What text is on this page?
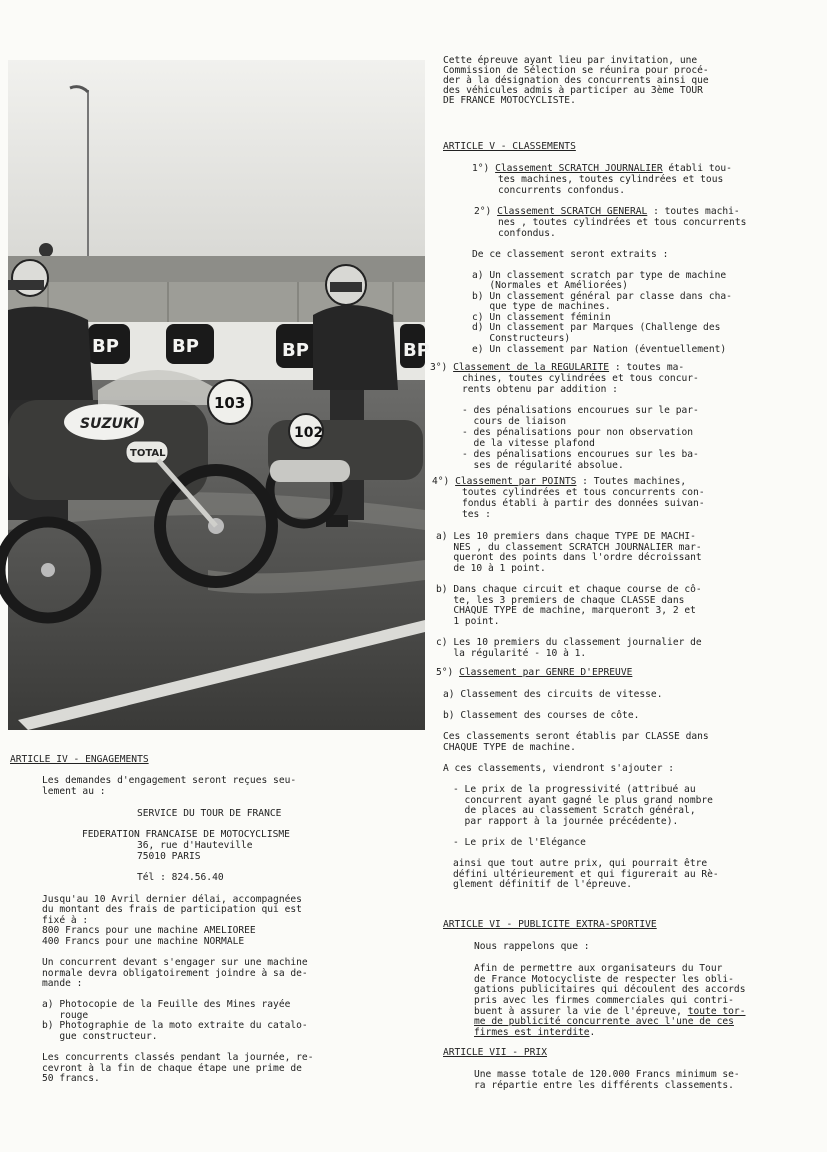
BP	BP	BP	BP
102
SUZUKI
TOTAL
103
Cette épreuve ayant lieu par invitation, une
Commission de Sélection se réunira pour procé-
der à la désignation des concurrents ainsi que
des véhicules admis à participer au 3ème TOUR
DE FRANCE MOTOCYCLISTE.
ARTICLE V - CLASSEMENTS
1°) Classement SCRATCH JOURNALIER établi tou-
tes machines, toutes cylindrées et tous
concurrents confondus.
2°) Classement SCRATCH GENERAL : toutes machi-
nes , toutes cylindrées et tous concurrents
confondus.
De ce classement seront extraits :
a) Un classement scratch par type de machine
(Normales et Améliorées)
b) Un classement général par classe dans cha-
que type de machines.
c) Un classement féminin
d) Un classement par Marques (Challenge des
Constructeurs)
e) Un classement par Nation (éventuellement)
3°) Classement de la REGULARITE : toutes ma-
chines, toutes cylindrées et tous concur-
rents obtenu par addition :
- des pénalisations encourues sur le par-
cours de liaison
- des pénalisations pour non observation
de la vitesse plafond
- des pénalisations encourues sur les ba-
ses de régularité absolue.
4°) Classement par POINTS : Toutes machines,
toutes cylindrées et tous concurrents con-
fondus établi à partir des données suivan-
tes :
a) Les 10 premiers dans chaque TYPE DE MACHI-
NES , du classement SCRATCH JOURNALIER mar-
queront des points dans l'ordre décroissant
de 10 à 1 point.
b) Dans chaque circuit et chaque course de cô-
te, les 3 premiers de chaque CLASSE dans
CHAQUE TYPE de machine, marqueront 3, 2 et
1 point.
c) Les 10 premiers du classement journalier de
la régularité - 10 à 1.
5°) Classement par GENRE D'EPREUVE
a) Classement des circuits de vitesse.
b) Classement des courses de côte.
Ces classements seront établis par CLASSE dans
CHAQUE TYPE de machine.
A ces classements, viendront s'ajouter :
- Le prix de la progressivité (attribué au
concurrent ayant gagné le plus grand nombre
de places au classement Scratch général,
par rapport à la journée précédente).
- Le prix de l'Elégance
ainsi que tout autre prix, qui pourrait être
défini ultérieurement et qui figurerait au Rè-
glement définitif de l'épreuve.
ARTICLE VI - PUBLICITE EXTRA-SPORTIVE
Nous rappelons que :
Afin de permettre aux organisateurs du Tour
de France Motocycliste de respecter les obli-
gations publicitaires qui découlent des accords
pris avec les firmes commerciales qui contri-
buent à assurer la vie de l'épreuve, toute tor-
me de publicité concurrente avec l'une de ces
firmes est interdite.
ARTICLE VII - PRIX
Une masse totale de 120.000 Francs minimum se-
ra répartie entre les différents classements.
ARTICLE IV - ENGAGEMENTS
Les demandes d'engagement seront reçues seu-
lement au :
SERVICE DU TOUR DE FRANCE
FEDERATION FRANCAISE DE MOTOCYCLISME
36, rue d'Hauteville
75010 PARIS
Tél : 824.56.40
Jusqu'au 10 Avril dernier délai, accompagnées
du montant des frais de participation qui est
fixé à :
800 Francs pour une machine AMELIOREE
400 Francs pour une machine NORMALE
Un concurrent devant s'engager sur une machine
normale devra obligatoirement joindre à sa de-
mande :
a) Photocopie de la Feuille des Mines rayée
rouge
b) Photographie de la moto extraite du catalo-
gue constructeur.
Les concurrents classés pendant la journée, re-
cevront à la fin de chaque étape une prime de
50 francs.
